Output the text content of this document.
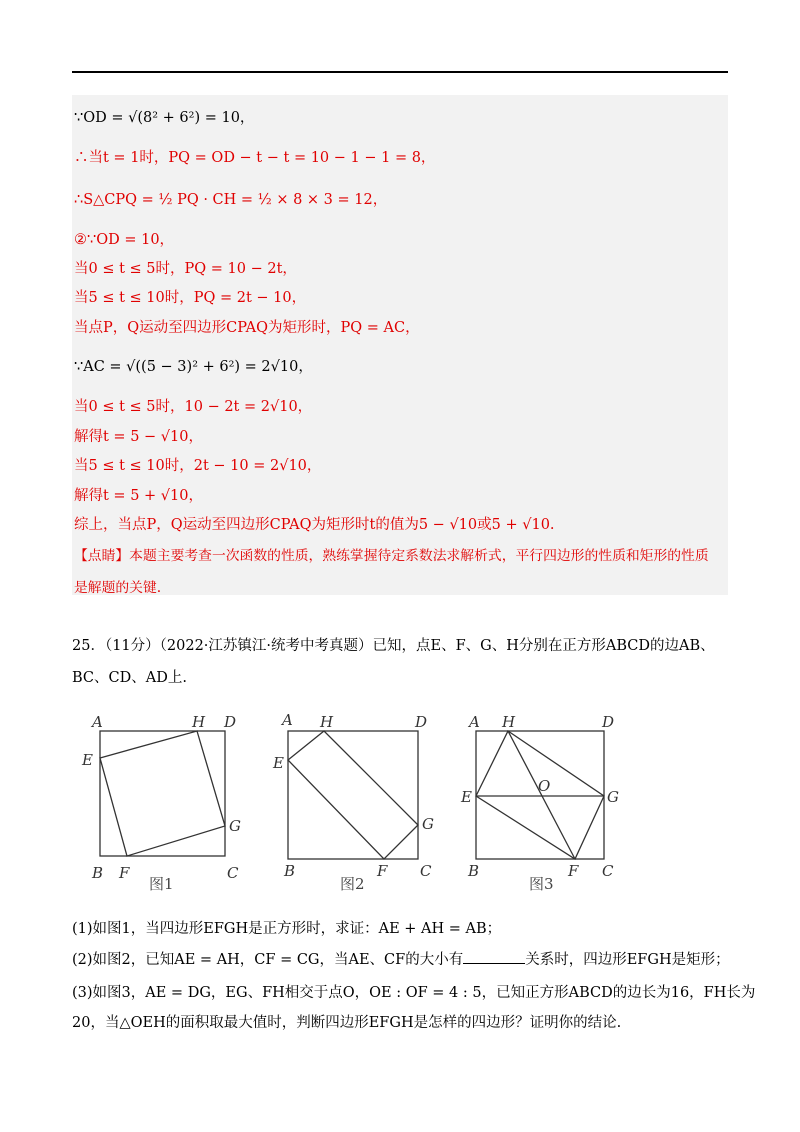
∵OD = √(8² + 6²) = 10，
∴当t = 1时，PQ = OD − t − t = 10 − 1 − 1 = 8，
∴S△CPQ = ½ PQ · CH = ½ × 8 × 3 = 12，
②∵OD = 10，
当0 ≤ t ≤ 5时，PQ = 10 − 2t，
当5 ≤ t ≤ 10时，PQ = 2t − 10，
当点P，Q运动至四边形CPAQ为矩形时，PQ = AC，
∵AC = √((5 − 3)² + 6²) = 2√10，
当0 ≤ t ≤ 5时，10 − 2t = 2√10，
解得t = 5 − √10，
当5 ≤ t ≤ 10时，2t − 10 = 2√10，
解得t = 5 + √10，
综上，当点P，Q运动至四边形CPAQ为矩形时t的值为5 − √10或5 + √10.
【点睛】本题主要考查一次函数的性质，熟练掌握待定系数法求解析式，平行四边形的性质和矩形的性质
是解题的关键.
25．（11分）（2022·江苏镇江·统考中考真题）已知，点E、F、G、H分别在正方形ABCD的边AB、
BC、CD、AD上.
A	H D
E
G
B F	C
A H	D
E
G
B	F C
A H	D
E
O
G
B	F C
图1	图2	图3
(1)如图1，当四边形EFGH是正方形时，求证：AE + AH = AB；
(2)如图2，已知AE = AH，CF = CG，当AE、CF的大小有	关系时，四边形EFGH是矩形；
(3)如图3，AE = DG，EG、FH相交于点O，OE : OF = 4 : 5，已知正方形ABCD的边长为16，FH长为
20，当△OEH的面积取最大值时，判断四边形EFGH是怎样的四边形？证明你的结论.
